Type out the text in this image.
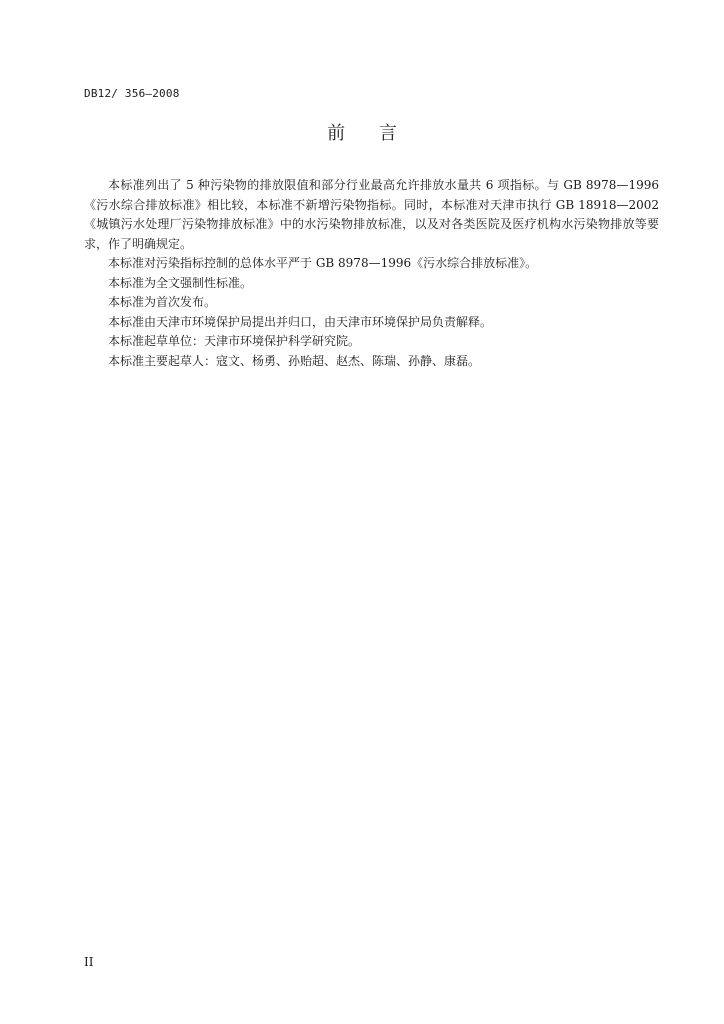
DB12/ 356—2008
前 言

本标准列出了 5 种污染物的排放限值和部分行业最高允许排放水量共 6 项指标。与 GB 8978—1996《污水综合排放标准》相比较，本标准不新增污染物指标。同时，本标准对天津市执行 GB 18918—2002《城镇污水处理厂污染物排放标准》中的水污染物排放标准，以及对各类医院及医疗机构水污染物排放等要求，作了明确规定。

本标准对污染指标控制的总体水平严于 GB 8978—1996《污水综合排放标准》。

本标准为全文强制性标准。

本标准为首次发布。

本标准由天津市环境保护局提出并归口，由天津市环境保护局负责解释。

本标准起草单位：天津市环境保护科学研究院。

本标准主要起草人：寇文、杨勇、孙贻超、赵杰、陈瑞、孙静、康磊。

II
